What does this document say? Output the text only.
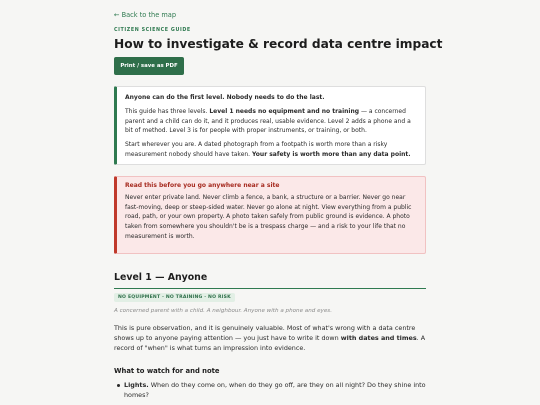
← Back to the map
CITIZEN SCIENCE GUIDE
How to investigate & record data centre impact
Print / save as PDF

Anyone can do the first level. Nobody needs to do the last.

This guide has three levels. Level 1 needs no equipment and no training — a concerned parent and a child can do it, and it produces real, usable evidence. Level 2 adds a phone and a bit of method. Level 3 is for people with proper instruments, or training, or both.

Start wherever you are. A dated photograph from a footpath is worth more than a risky measurement nobody should have taken. Your safety is worth more than any data point.

Read this before you go anywhere near a site

Never enter private land. Never climb a fence, a bank, a structure or a barrier. Never go near fast-moving, deep or steep-sided water. Never go alone at night. View everything from a public road, path, or your own property. A photo taken safely from public ground is evidence. A photo taken from somewhere you shouldn't be is a trespass charge — and a risk to your life that no measurement is worth.

Level 1 — Anyone
NO EQUIPMENT · NO TRAINING · NO RISK
A concerned parent with a child. A neighbour. Anyone with a phone and eyes.

This is pure observation, and it is genuinely valuable. Most of what's wrong with a data centre shows up to anyone paying attention — you just have to write it down with dates and times. A record of "when" is what turns an impression into evidence.

What to watch for and note
Lights. When do they come on, when do they go off, are they on all night? Do they shine into homes?
